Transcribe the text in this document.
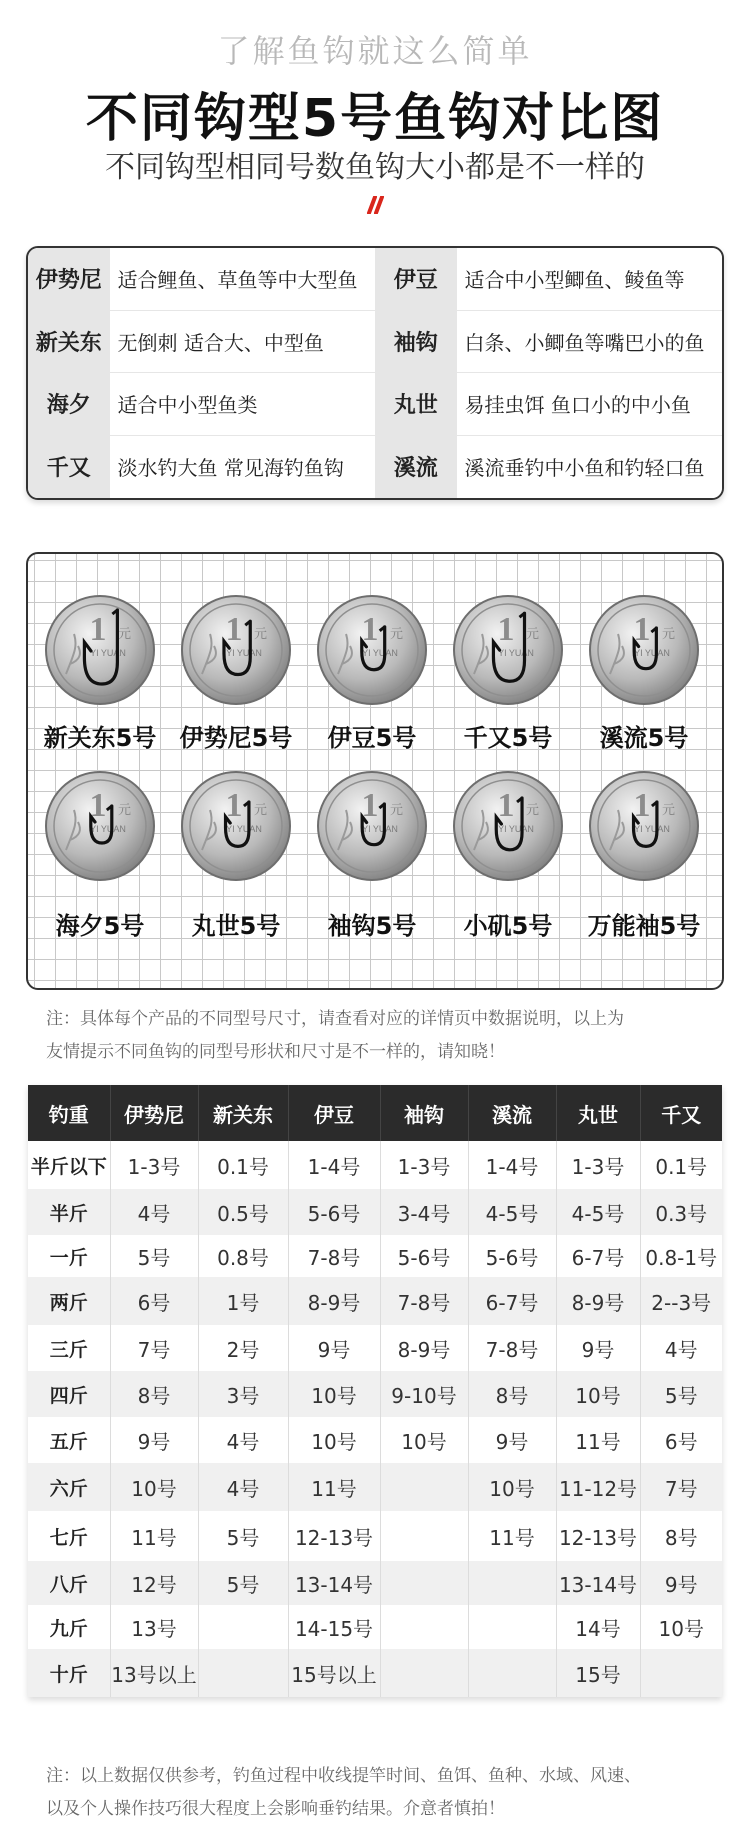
了解鱼钩就这么简单
不同钩型5号鱼钩对比图
不同钩型相同号数鱼钩大小都是不一样的
伊势尼 适合鲤鱼、草鱼等中大型鱼	伊豆	适合中小型鲫鱼、鲮鱼等
新关东 无倒刺 适合大、中型鱼	袖钩	白条、小鲫鱼等嘴巴小的鱼
海夕	适合中小型鱼类	丸世	易挂虫饵 鱼口小的中小鱼
千又	淡水钓大鱼 常见海钓鱼钩	溪流	溪流垂钓中小鱼和钓轻口鱼
1 元
YI YUAN
新关东5号
1 元
YI YUAN
伊势尼5号
1 元
YI YUAN
伊豆5号
1 元
YI YUAN
千又5号
1 元
YI YUAN
溪流5号
1 元
YI YUAN
海夕5号
1 元
YI YUAN
丸世5号
1 元
YI YUAN
袖钩5号
1 元
YI YUAN
小矶5号
1 元
YI YUAN
万能袖5号
注：具体每个产品的不同型号尺寸，请查看对应的详情页中数据说明，以上为
友情提示不同鱼钩的同型号形状和尺寸是不一样的，请知晓！
钓重	伊势尼	新关东	伊豆	袖钩	溪流	丸世	千又
半斤以下	1-3号	0.1号	1-4号	1-3号	1-4号	1-3号	0.1号
半斤	4号	0.5号	5-6号	3-4号	4-5号	4-5号	0.3号
一斤	5号	0.8号	7-8号	5-6号	5-6号	6-7号	0.8-1号
两斤	6号	1号	8-9号	7-8号	6-7号	8-9号	2--3号
三斤	7号	2号	9号	8-9号	7-8号	9号	4号
四斤	8号	3号	10号	9-10号	8号	10号	5号
五斤	9号	4号	10号	10号	9号	11号	6号
六斤	10号	4号	11号		10号	11-12号	7号
七斤	11号	5号	12-13号		11号	12-13号	8号
八斤	12号	5号	13-14号			13-14号	9号
九斤	13号		14-15号			14号	10号
十斤	13号以上		15号以上			15号	
注：以上数据仅供参考，钓鱼过程中收线提竿时间、鱼饵、鱼种、水域、风速、
以及个人操作技巧很大程度上会影响垂钓结果。介意者慎拍！
